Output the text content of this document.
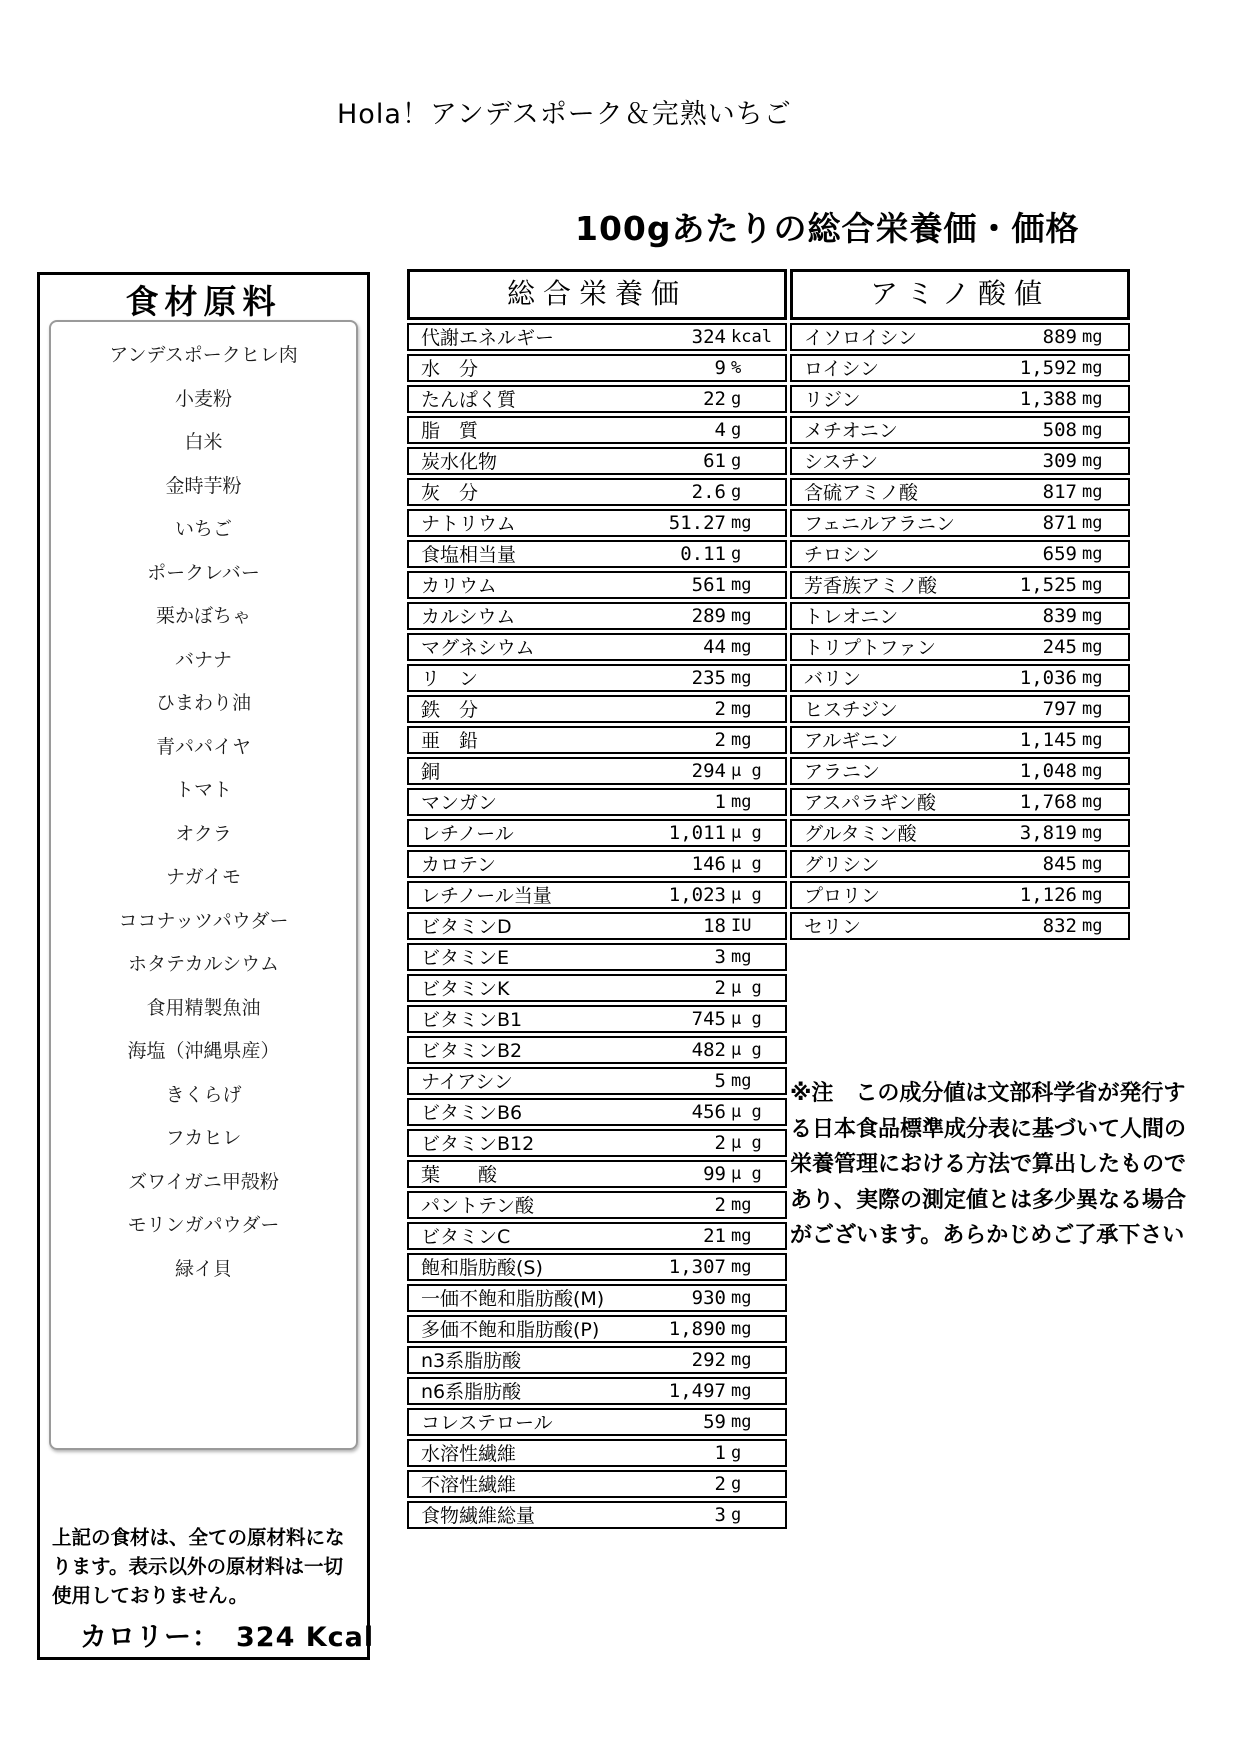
Hola！アンデスポーク＆完熟いちご
100gあたりの総合栄養価・価格
食材原料
アンデスポークヒレ肉
小麦粉
白米
金時芋粉
いちご
ポークレバー
栗かぼちゃ
バナナ
ひまわり油
青パパイヤ
トマト
オクラ
ナガイモ
ココナッツパウダー
ホタテカルシウム
食用精製魚油
海塩（沖縄県産）
きくらげ
フカヒレ
ズワイガニ甲殻粉
モリンガパウダー
緑イ貝
上記の食材は、全ての原材料になります。表示以外の原材料は一切使用しておりません。
カロリー： 324 Kcal
総合栄養価
代謝エネルギー	324 kcal
水　分	9 %
たんぱく質	22 g
脂　質	4 g
炭水化物	61 g
灰　分	2.6 g
ナトリウム	51.27 mg
食塩相当量	0.11 g
カリウム	561 mg
カルシウム	289 mg
マグネシウム	44 mg
リ　ン	235 mg
鉄　分	2 mg
亜　鉛	2 mg
銅	294 μ g
マンガン	1 mg
レチノール	1,011 μ g
カロテン	146 μ g
レチノール当量	1,023 μ g
ビタミンD	18 IU
ビタミンE	3 mg
ビタミンK	2 μ g
ビタミンB1	745 μ g
ビタミンB2	482 μ g
ナイアシン	5 mg
ビタミンB6	456 μ g
ビタミンB12	2 μ g
葉　　酸	99 μ g
パントテン酸	2 mg
ビタミンC	21 mg
飽和脂肪酸(S)	1,307 mg
一価不飽和脂肪酸(M)	930 mg
多価不飽和脂肪酸(P)	1,890 mg
n3系脂肪酸	292 mg
n6系脂肪酸	1,497 mg
コレステロール	59 mg
水溶性繊維	1 g
不溶性繊維	2 g
食物繊維総量	3 g
アミノ酸値
イソロイシン	889 mg
ロイシン	1,592 mg
リジン	1,388 mg
メチオニン	508 mg
シスチン	309 mg
含硫アミノ酸	817 mg
フェニルアラニン	871 mg
チロシン	659 mg
芳香族アミノ酸	1,525 mg
トレオニン	839 mg
トリプトファン	245 mg
バリン	1,036 mg
ヒスチジン	797 mg
アルギニン	1,145 mg
アラニン	1,048 mg
アスパラギン酸	1,768 mg
グルタミン酸	3,819 mg
グリシン	845 mg
プロリン	1,126 mg
セリン	832 mg
※注　この成分値は文部科学省が発行する日本食品標準成分表に基づいて人間の栄養管理における方法で算出したものであり、実際の測定値とは多少異なる場合がございます。あらかじめご了承下さい
